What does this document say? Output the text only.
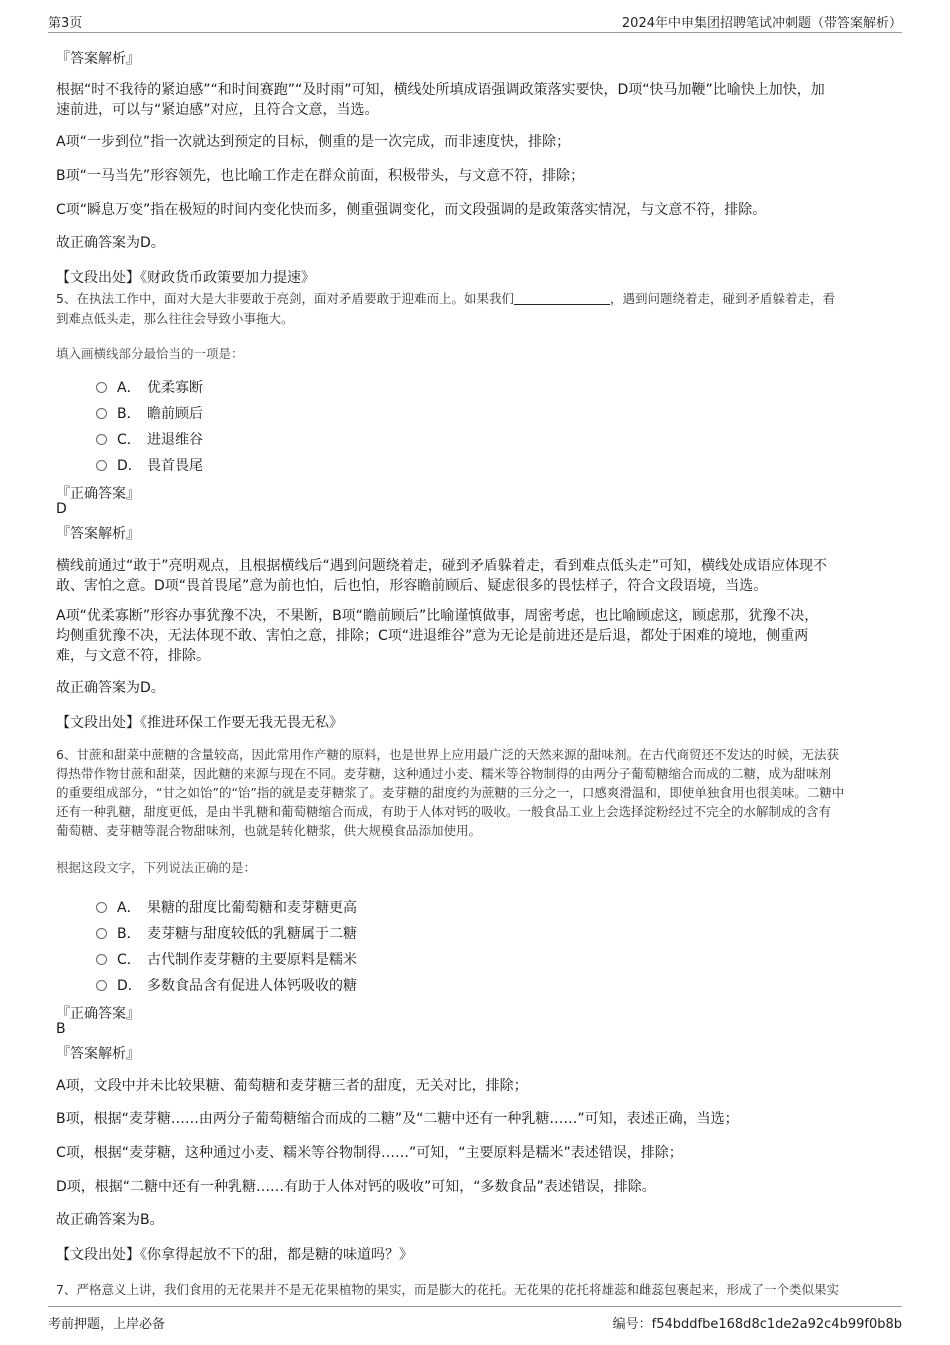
第3页	2024年中申集团招聘笔试冲刺题（带答案解析）
『答案解析』
根据“时不我待的紧迫感”“和时间赛跑”“及时雨”可知，横线处所填成语强调政策落实要快，D项“快马加鞭”比喻快上加快，加
速前进，可以与“紧迫感”对应，且符合文意，当选。
A项“一步到位”指一次就达到预定的目标，侧重的是一次完成，而非速度快，排除；
B项“一马当先”形容领先，也比喻工作走在群众前面，积极带头，与文意不符，排除；
C项“瞬息万变”指在极短的时间内变化快而多，侧重强调变化，而文段强调的是政策落实情况，与文意不符，排除。
故正确答案为D。
【文段出处】《财政货币政策要加力提速》
5、在执法工作中，面对大是大非要敢于亮剑，面对矛盾要敢于迎难而上。如果我们	，遇到问题绕着走，碰到矛盾躲着走，看
到难点低头走，那么往往会导致小事拖大。
填入画横线部分最恰当的一项是：
A． 优柔寡断
B． 瞻前顾后
C． 进退维谷
D． 畏首畏尾
『正确答案』
D
『答案解析』
横线前通过“敢于”亮明观点，且根据横线后“遇到问题绕着走，碰到矛盾躲着走，看到难点低头走”可知，横线处成语应体现不
敢、害怕之意。D项“畏首畏尾”意为前也怕，后也怕，形容瞻前顾后、疑虑很多的畏怯样子，符合文段语境，当选。
A项“优柔寡断”形容办事犹豫不决，不果断，B项“瞻前顾后”比喻谨慎做事，周密考虑，也比喻顾虑这，顾虑那，犹豫不决，
均侧重犹豫不决，无法体现不敢、害怕之意，排除；C项“进退维谷”意为无论是前进还是后退，都处于困难的境地，侧重两
难，与文意不符，排除。
故正确答案为D。
【文段出处】《推进环保工作要无我无畏无私》
6、甘蔗和甜菜中蔗糖的含量较高，因此常用作产糖的原料，也是世界上应用最广泛的天然来源的甜味剂。在古代商贸还不发达的时候，无法获
得热带作物甘蔗和甜菜，因此糖的来源与现在不同。麦芽糖，这种通过小麦、糯米等谷物制得的由两分子葡萄糖缩合而成的二糖，成为甜味剂
的重要组成部分，“甘之如饴”的“饴”指的就是麦芽糖浆了。麦芽糖的甜度约为蔗糖的三分之一，口感爽滑温和，即使单独食用也很美味。二糖中
还有一种乳糖，甜度更低，是由半乳糖和葡萄糖缩合而成，有助于人体对钙的吸收。一般食品工业上会选择淀粉经过不完全的水解制成的含有
葡萄糖、麦芽糖等混合物甜味剂，也就是转化糖浆，供大规模食品添加使用。
根据这段文字，下列说法正确的是：
A． 果糖的甜度比葡萄糖和麦芽糖更高
B． 麦芽糖与甜度较低的乳糖属于二糖
C． 古代制作麦芽糖的主要原料是糯米
D． 多数食品含有促进人体钙吸收的糖
『正确答案』
B
『答案解析』
A项，文段中并未比较果糖、葡萄糖和麦芽糖三者的甜度，无关对比，排除；
B项，根据“麦芽糖……由两分子葡萄糖缩合而成的二糖”及“二糖中还有一种乳糖……”可知，表述正确，当选；
C项，根据“麦芽糖，这种通过小麦、糯米等谷物制得……”可知，“主要原料是糯米”表述错误，排除；
D项，根据“二糖中还有一种乳糖……有助于人体对钙的吸收”可知，“多数食品”表述错误，排除。
故正确答案为B。
【文段出处】《你拿得起放不下的甜，都是糖的味道吗？》
7、严格意义上讲，我们食用的无花果并不是无花果植物的果实，而是膨大的花托。无花果的花托将雄蕊和雌蕊包裹起来，形成了一个类似果实
考前押题，上岸必备	编号：f54bddfbe168d8c1de2a92c4b99f0b8b
